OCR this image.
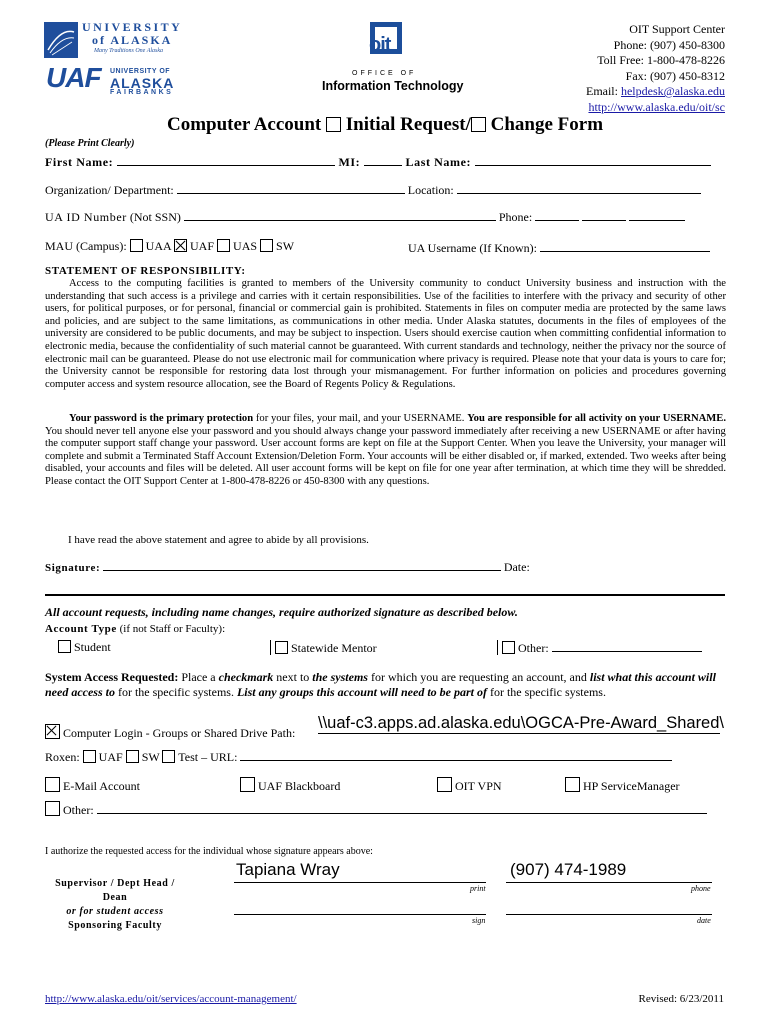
UNIVERSITY
of ALASKA
Many Traditions One Alaska
UAF UNIVERSITY OF
ALASKA
FAIRBANKS
oit
OFFICE OF
Information Technology
OIT Support Center
Phone: (907) 450-8300
Toll Free: 1-800-478-8226
Fax: (907) 450-8312
Email: helpdesk@alaska.edu
http://www.alaska.edu/oit/sc
Computer Account Initial Request/ Change Form
(Please Print Clearly)
First Name:	MI:	Last Name:
Organization/ Department:	Location:
UA ID Number (Not SSN)	Phone:
MAU (Campus): UAA UAF UAS SW	UA Username (If Known):
STATEMENT OF RESPONSIBILITY:
Access to the computing facilities is granted to members of the University community to conduct University business and instruction with the understanding that such access is a privilege and carries with it certain responsibilities. Use of the facilities to interfere with the privacy and security of other users, for political purposes, or for personal, financial or commercial gain is prohibited. Statements in files on computer media are protected by the same laws and policies, and are subject to the same limitations, as communications in other media. Under Alaska statutes, documents in the files of employees of the university are considered to be public documents, and may be subject to inspection. Users should exercise caution when committing confidential information to electronic media, because the confidentiality of such material cannot be guaranteed. With current standards and technology, neither the privacy nor the source of electronic mail can be guaranteed. Please do not use electronic mail for communication where privacy is required. Please note that your data is yours to care for; the University cannot be responsible for restoring data lost through your mismanagement. For further information on policies and procedures governing computer access and system resource allocation, see the Board of Regents Policy & Regulations.
Your password is the primary protection for your files, your mail, and your USERNAME. You are responsible for all activity on your USERNAME. You should never tell anyone else your password and you should always change your password immediately after receiving a new USERNAME or after having the computer support staff change your password. User account forms are kept on file at the Support Center. When you leave the University, your manager will complete and submit a Terminated Staff Account Extension/Deletion Form. Your accounts will be either disabled or, if marked, extended. Two weeks after being disabled, your accounts and files will be deleted. All user account forms will be kept on file for one year after termination, at which time they will be shredded. Please contact the OIT Support Center at 1-800-478-8226 or 450-8300 with any questions.
I have read the above statement and agree to abide by all provisions.
Signature:	Date:
All account requests, including name changes, require authorized signature as described below.
Account Type (if not Staff or Faculty):
Student	Statewide Mentor	Other:
System Access Requested: Place a checkmark next to the systems for which you are requesting an account, and list what this account will need access to for the specific systems. List any groups this account will need to be part of for the specific systems.
Computer Login - Groups or Shared Drive Path:
\\uaf-c3.apps.ad.alaska.edu\OGCA-Pre-Award_Shared\
Roxen: UAF SW Test – URL:
E-Mail Account	UAF Blackboard	OIT VPN	HP ServiceManager
Other:
I authorize the requested access for the individual whose signature appears above:
Supervisor / Dept Head / Dean
or for student access
Sponsoring Faculty
Tapiana Wray
print
(907) 474-1989
phone
sign	date
http://www.alaska.edu/oit/services/account-management/	Revised: 6/23/2011
